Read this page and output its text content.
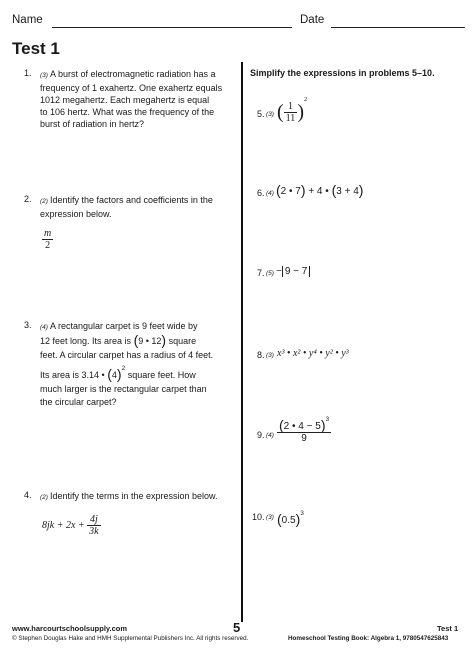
Name	Date
Test 1
1. (3) A burst of electromagnetic radiation has a
frequency of 1 exahertz. One exahertz equals
1012 megahertz. Each megahertz is equal
to 106 hertz. What was the frequency of the
burst of radiation in hertz?
2. (2) Identify the factors and coefficients in the
expression below.
$\frac{m}{2}$
3. (4) A rectangular carpet is 9 feet wide by
12 feet long. Its area is (9 • 12) square
feet. A circular carpet has a radius of 4 feet.
Its area is 3.14 • $(4)^2$ square feet. How
much larger is the rectangular carpet than
the circular carpet?
4. (2) Identify the terms in the expression below.
$8jk + 2x + \frac{4j}{3k}$
Simplify the expressions in problems 5–10.
5. (3) ( $\frac{1}{11} )^2$
6. (4) (2 • 7) + 4 • (3 + 4)
7. (5) − 9 − 7
8. (3) x³ • x² • y⁴ • y² • y³
9. $(4) \frac{(2 • 4 - 5)^3}{9}$
10. (3) $(0.5)^3$
www.harcourtschoolsupply.com
© Stephen Douglas Hake and HMH Supplemental Publishers Inc. All rights reserved.
5	Test 1
Homeschool Testing Book: Algebra 1, 9780547625843
